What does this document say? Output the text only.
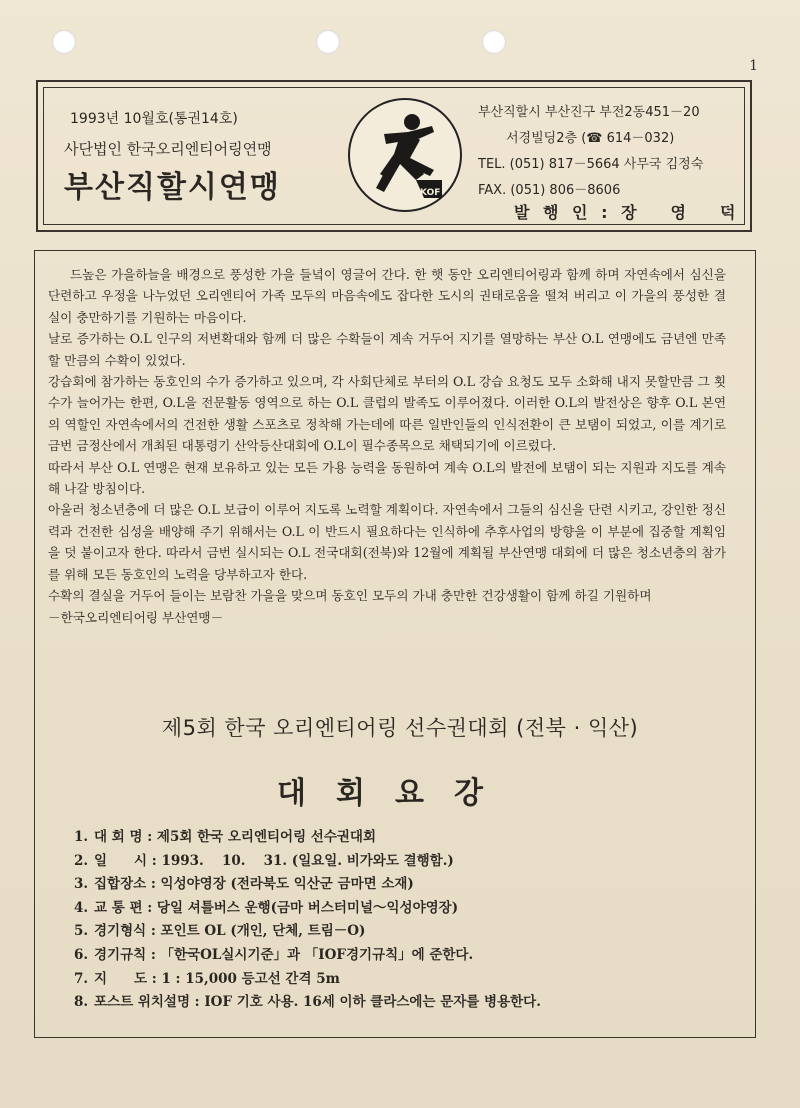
1
1993년 10월호(통권14호)
사단법인 한국오리엔티어링연맹
부산직할시연맹	KOF
부산직할시 부산진구 부전2동451－20
서경빌딩2층 (☎ 614－032)
TEL. (051) 817－5664 사무국 김정숙
FAX. (051) 806－8606
발 행 인 : 장영덕

드높은 가을하늘을 배경으로 풍성한 가을 들녘이 영글어 간다. 한 햇 동안 오리엔티어링과 함께 하며 자연속에서 심신을 단련하고 우정을 나누었던 오리엔티어 가족 모두의 마음속에도 잡다한 도시의 권태로움을 떨쳐 버리고 이 가을의 풍성한 결실이 충만하기를 기원하는 마음이다.

날로 증가하는 O.L 인구의 저변확대와 함께 더 많은 수확들이 계속 거두어 지기를 열망하는 부산 O.L 연맹에도 금년엔 만족할 만큼의 수확이 있었다.

강습회에 참가하는 동호인의 수가 증가하고 있으며, 각 사회단체로 부터의 O.L 강습 요청도 모두 소화해 내지 못할만큼 그 횟수가 늘어가는 한편, O.L을 전문활동 영역으로 하는 O.L 클럽의 발족도 이루어졌다. 이러한 O.L의 발전상은 향후 O.L 본연의 역할인 자연속에서의 건전한 생활 스포츠로 정착해 가는데에 따른 일반인들의 인식전환이 큰 보탬이 되었고, 이를 계기로 금번 금정산에서 개최된 대통령기 산악등산대회에 O.L이 필수종목으로 채택되기에 이르렀다.

따라서 부산 O.L 연맹은 현재 보유하고 있는 모든 가용 능력을 동원하여 계속 O.L의 발전에 보탬이 되는 지원과 지도를 계속해 나갈 방침이다.

아울러 청소년층에 더 많은 O.L 보급이 이루어 지도록 노력할 계획이다. 자연속에서 그들의 심신을 단련 시키고, 강인한 정신력과 건전한 심성을 배양해 주기 위해서는 O.L 이 반드시 필요하다는 인식하에 추후사업의 방향을 이 부분에 집중할 계획임을 덧 붙이고자 한다. 따라서 금번 실시되는 O.L 전국대회(전북)와 12월에 계획될 부산연맹 대회에 더 많은 청소년층의 참가를 위해 모든 동호인의 노력을 당부하고자 한다.

수확의 결실을 거두어 들이는 보람찬 가을을 맞으며 동호인 모두의 가내 충만한 건강생활이 함께 하길 기원하며

－한국오리엔티어링 부산연맹－

제5회 한국 오리엔티어링 선수권대회 (전북 · 익산)
대회요강
1. 대 회 명 : 제5회 한국 오리엔티어링 선수권대회
2. 일　　시 : 1993.　 10.　 31. (일요일. 비가와도 결행함.)
3. 집합장소 : 익성야영장 (전라북도 익산군 금마면 소재)
4. 교 통 편 : 당일 셔틀버스 운행(금마 버스터미널～익성야영장)
5. 경기형식 : 포인트 OL (개인, 단체, 트림－O)
6. 경기규칙 : 「한국OL실시기준」과 「IOF경기규칙」에 준한다.
7. 지　　도 : 1 : 15,000 등고선 간격 5m
8. 포스트 위치설명 : IOF 기호 사용. 16세 이하 클라스에는 문자를 병용한다.
